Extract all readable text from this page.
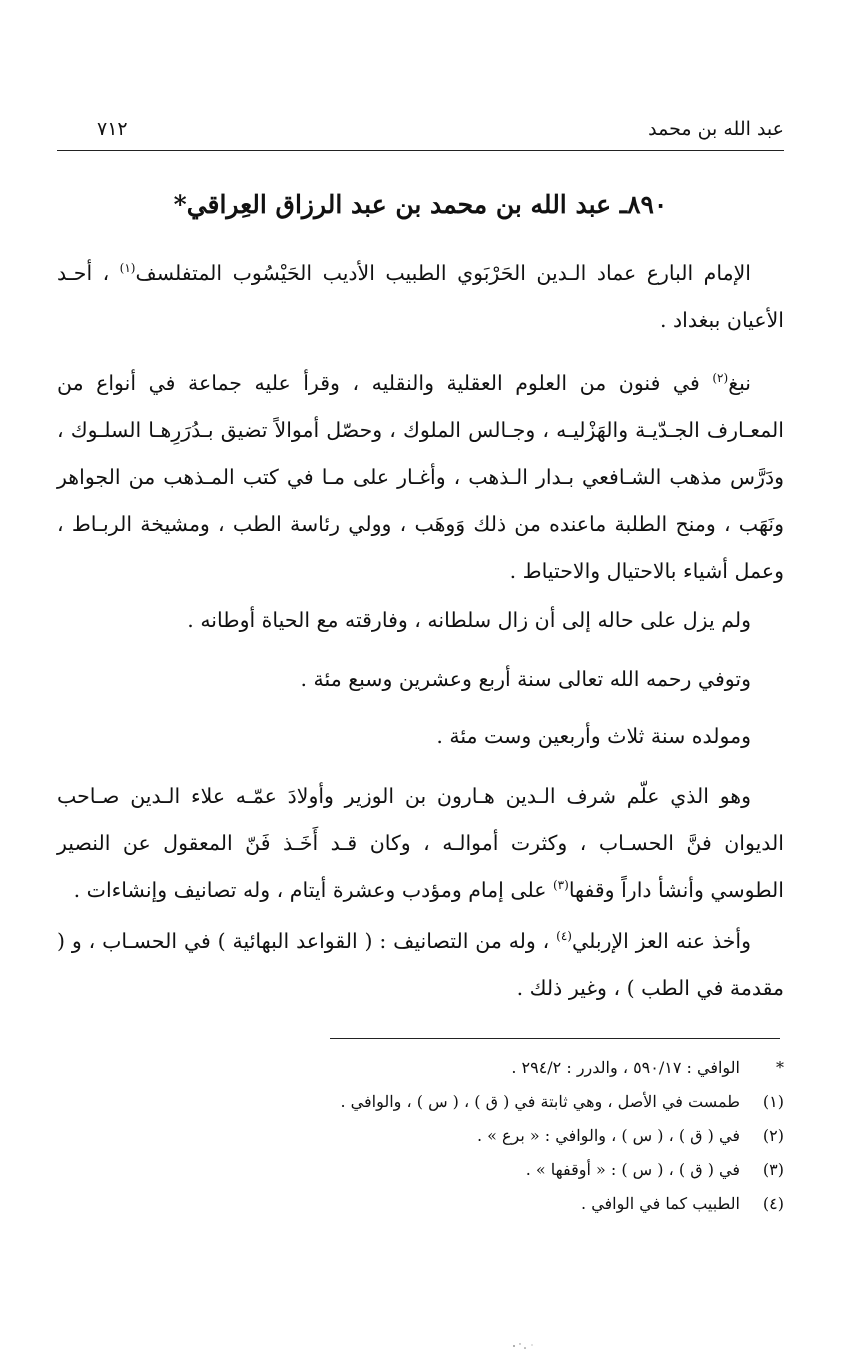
عبد الله بن محمد
٧١٢
٨٩٠ـ عبد الله بن محمد بن عبد الرزاق العِراقي*

الإمام البارع عماد الـدين الحَرْبَوي الطبيب الأديب الحَيْسُوب المتفلسف$^{(١)}$ ، أحـد الأعيان ببغداد .

نبغ$^{(٢)}$ في فنون من العلوم العقلية والنقليه ، وقرأ عليه جماعة في أنواع من المعـارف الجـدّيـة والهَزْليـه ، وجـالس الملوك ، وحصّل أموالاً تضيق بـدُرَرِهـا السلـوك ، ودَرَّس مذهب الشـافعي بـدار الـذهب ، وأغـار على مـا في كتب المـذهب من الجواهر ونَهَب ، ومنح الطلبة ماعنده من ذلك وَوهَب ، وولي رئاسة الطب ، ومشيخة الربـاط ، وعمل أشياء بالاحتيال والاحتياط .

ولم يزل على حاله إلى أن زال سلطانه ، وفارقته مع الحياة أوطانه .

وتوفي رحمه الله تعالى سنة أربع وعشرين وسبع مئة .

ومولده سنة ثلاث وأربعين وست مئة .

وهو الذي علّم شرف الـدين هـارون بن الوزير وأولادَ عمّـه علاء الـدين صـاحب الديوان فنَّ الحسـاب ، وكثرت أموالـه ، وكان قـد أَخَـذ فَنّ المعقول عن النصير الطوسي وأنشأ داراً وقفها$^{(٣)}$ على إمام ومؤدب وعشرة أيتام ، وله تصانيف وإنشاءات .

وأخذ عنه العز الإربلي$^{(٤)}$ ، وله من التصانيف : ( القواعد البهائية ) في الحسـاب ، و ( مقدمة في الطب ) ، وغير ذلك .

*
الوافي : ٥٩٠/١٧ ، والدرر : ٢٩٤/٢ .
(١)
طمست في الأصل ، وهي ثابتة في ( ق ) ، ( س ) ، والوافي .
(٢)
في ( ق ) ، ( س ) ، والوافي : « برع » .
(٣)
في ( ق ) ، ( س ) : « أوقفها » .
(٤)
الطبيب كما في الوافي .
